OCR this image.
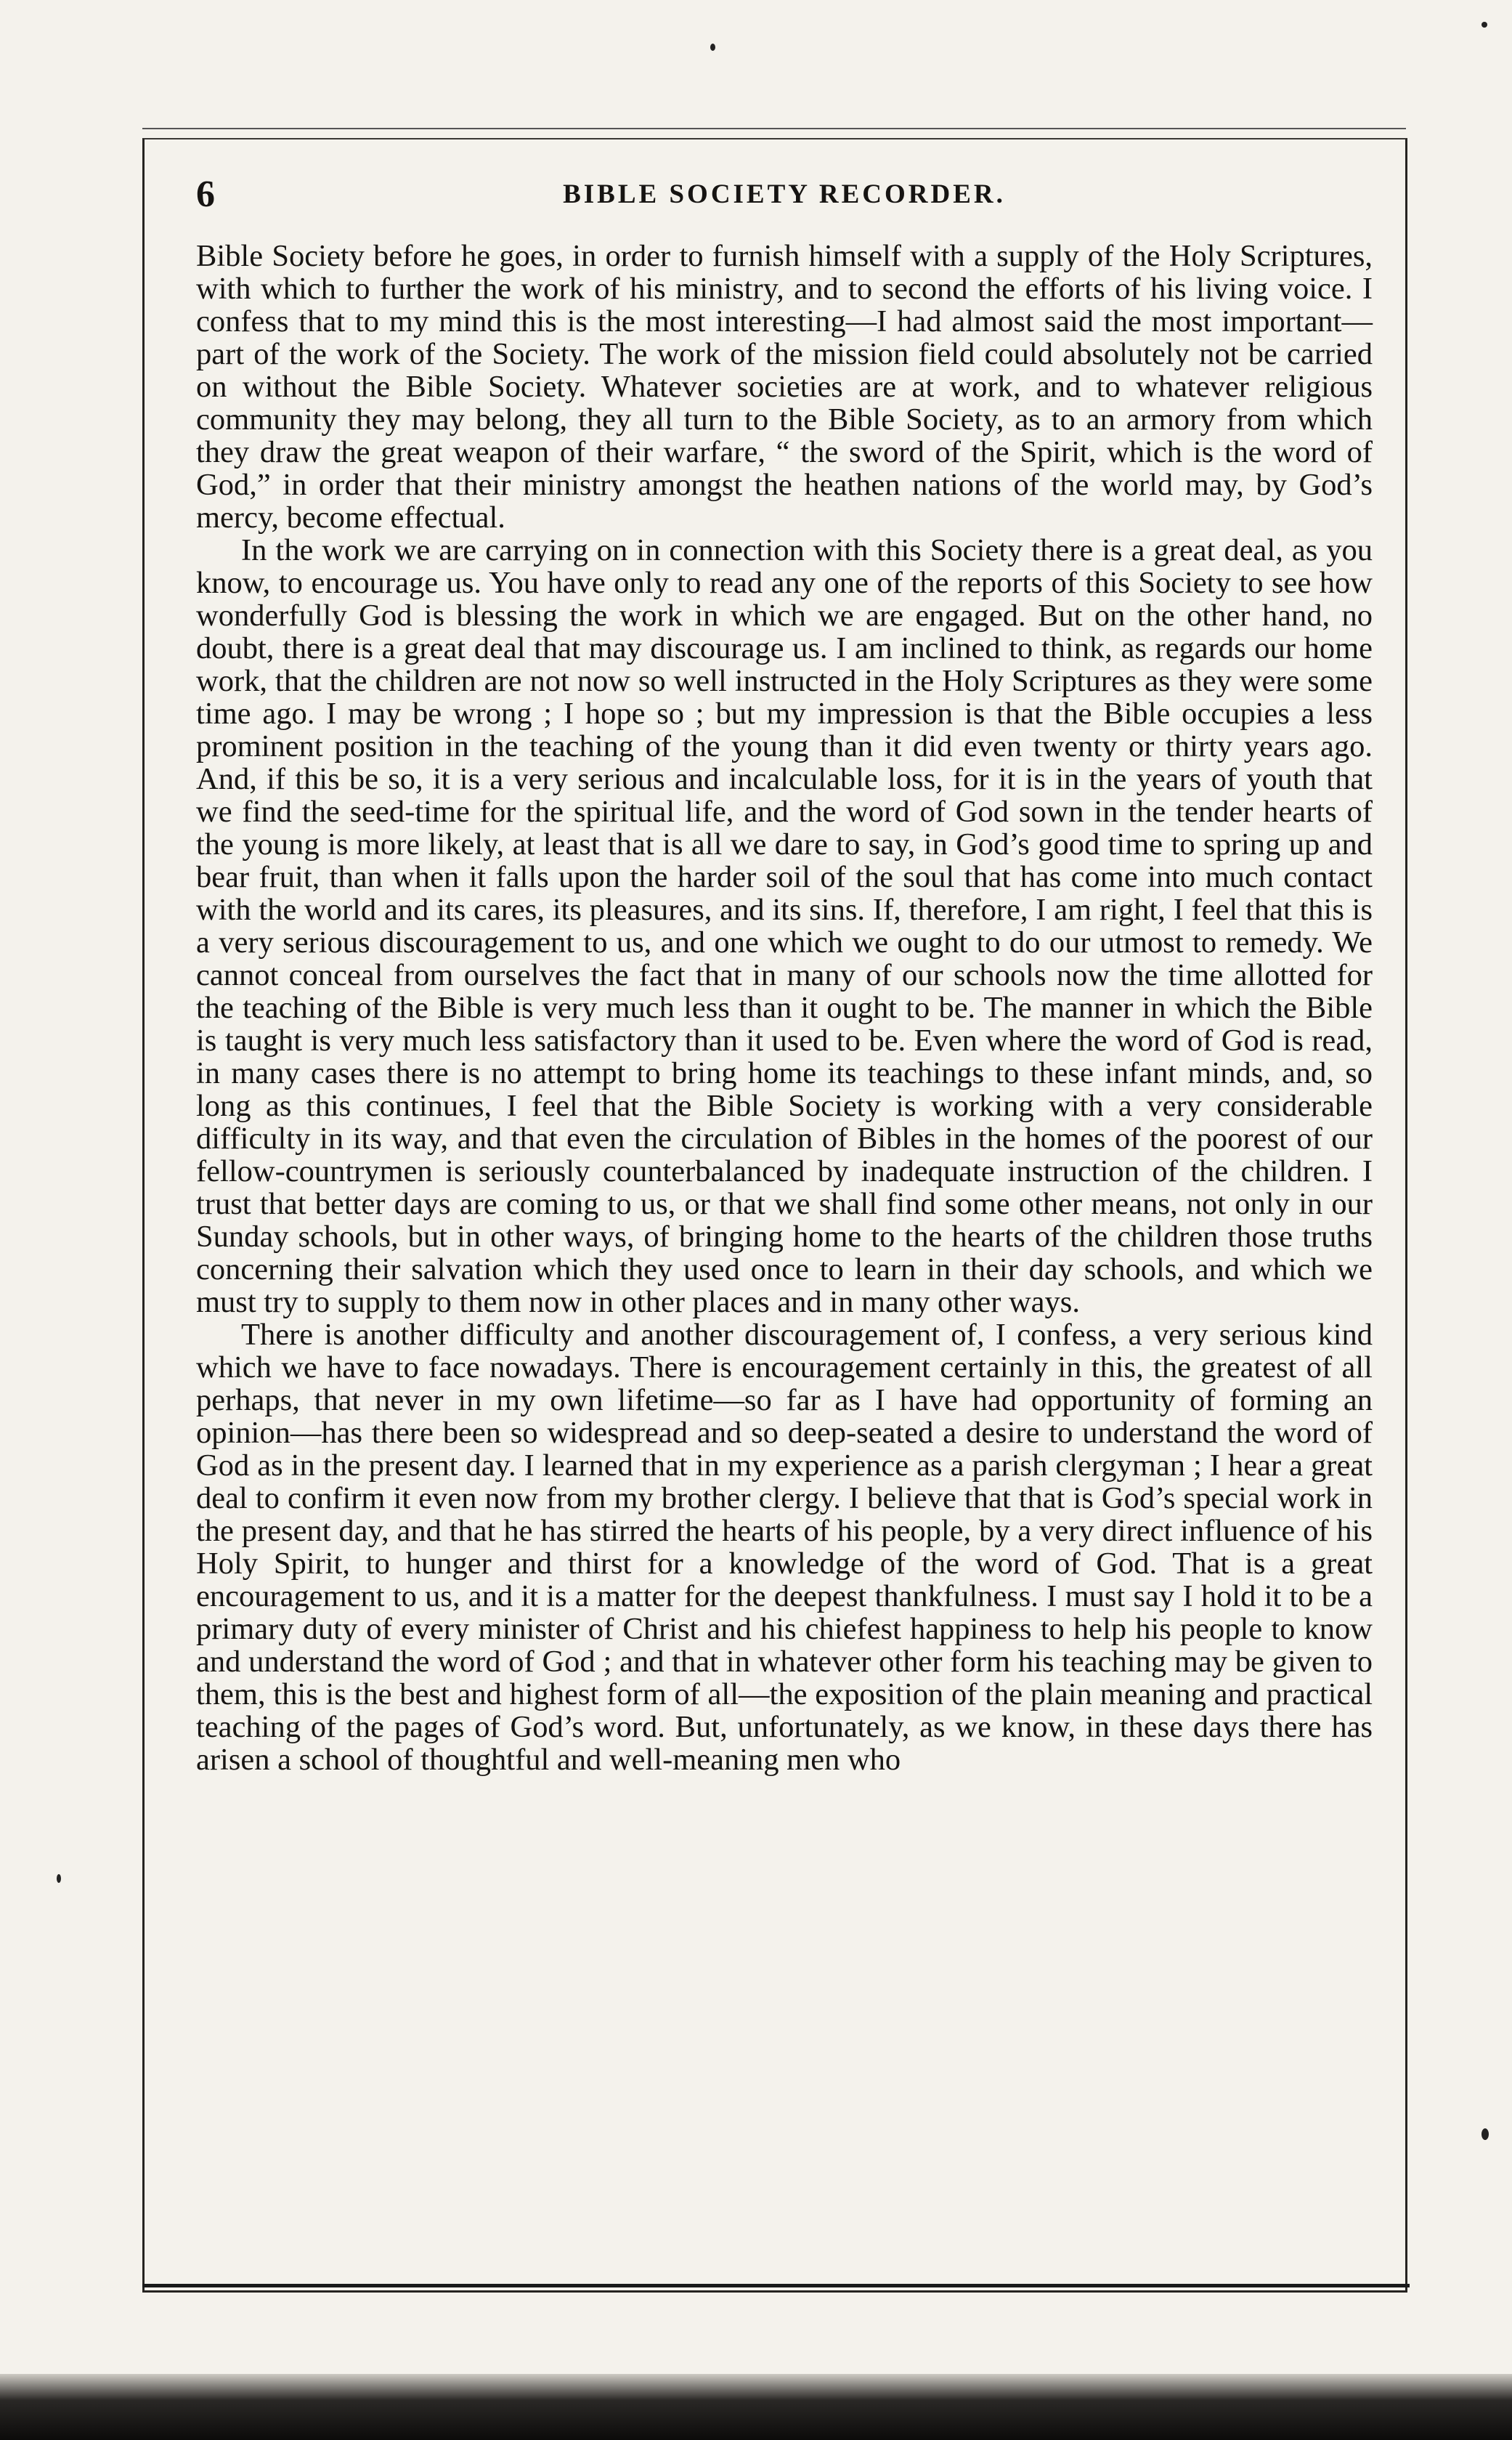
6	BIBLE SOCIETY RECORDER.

Bible Society before he goes, in order to furnish himself with a supply of the Holy Scriptures, with which to further the work of his ministry, and to second the efforts of his living voice. I confess that to my mind this is the most interesting—I had almost said the most important—part of the work of the Society. The work of the mission field could absolutely not be carried on without the Bible Society. Whatever societies are at work, and to whatever religious community they may belong, they all turn to the Bible Society, as to an armory from which they draw the great weapon of their warfare, “ the sword of the Spirit, which is the word of God,” in order that their ministry amongst the heathen nations of the world may, by God’s mercy, become effectual.

In the work we are carrying on in connection with this Society there is a great deal, as you know, to encourage us. You have only to read any one of the reports of this Society to see how wonderfully God is blessing the work in which we are engaged. But on the other hand, no doubt, there is a great deal that may discourage us. I am inclined to think, as regards our home work, that the children are not now so well instructed in the Holy Scriptures as they were some time ago. I may be wrong ; I hope so ; but my impression is that the Bible occupies a less prominent position in the teaching of the young than it did even twenty or thirty years ago. And, if this be so, it is a very serious and incalculable loss, for it is in the years of youth that we find the seed-time for the spiritual life, and the word of God sown in the tender hearts of the young is more likely, at least that is all we dare to say, in God’s good time to spring up and bear fruit, than when it falls upon the harder soil of the soul that has come into much contact with the world and its cares, its pleasures, and its sins. If, therefore, I am right, I feel that this is a very serious discouragement to us, and one which we ought to do our utmost to remedy. We cannot conceal from ourselves the fact that in many of our schools now the time allotted for the teaching of the Bible is very much less than it ought to be. The manner in which the Bible is taught is very much less satisfactory than it used to be. Even where the word of God is read, in many cases there is no attempt to bring home its teachings to these infant minds, and, so long as this continues, I feel that the Bible Society is working with a very considerable difficulty in its way, and that even the circulation of Bibles in the homes of the poorest of our fellow-countrymen is seriously counterbalanced by inadequate instruction of the children. I trust that better days are coming to us, or that we shall find some other means, not only in our Sunday schools, but in other ways, of bringing home to the hearts of the children those truths concerning their salvation which they used once to learn in their day schools, and which we must try to supply to them now in other places and in many other ways.

There is another difficulty and another discouragement of, I confess, a very serious kind which we have to face nowadays. There is encouragement certainly in this, the greatest of all perhaps, that never in my own lifetime—so far as I have had opportunity of forming an opinion—has there been so widespread and so deep-seated a desire to understand the word of God as in the present day. I learned that in my experience as a parish clergyman ; I hear a great deal to confirm it even now from my brother clergy. I believe that that is God’s special work in the present day, and that he has stirred the hearts of his people, by a very direct influence of his Holy Spirit, to hunger and thirst for a knowledge of the word of God. That is a great encouragement to us, and it is a matter for the deepest thankfulness. I must say I hold it to be a primary duty of every minister of Christ and his chiefest happiness to help his people to know and understand the word of God ; and that in whatever other form his teaching may be given to them, this is the best and highest form of all—the exposition of the plain meaning and practical teaching of the pages of God’s word. But, unfortunately, as we know, in these days there has arisen a school of thoughtful and well-meaning men who
